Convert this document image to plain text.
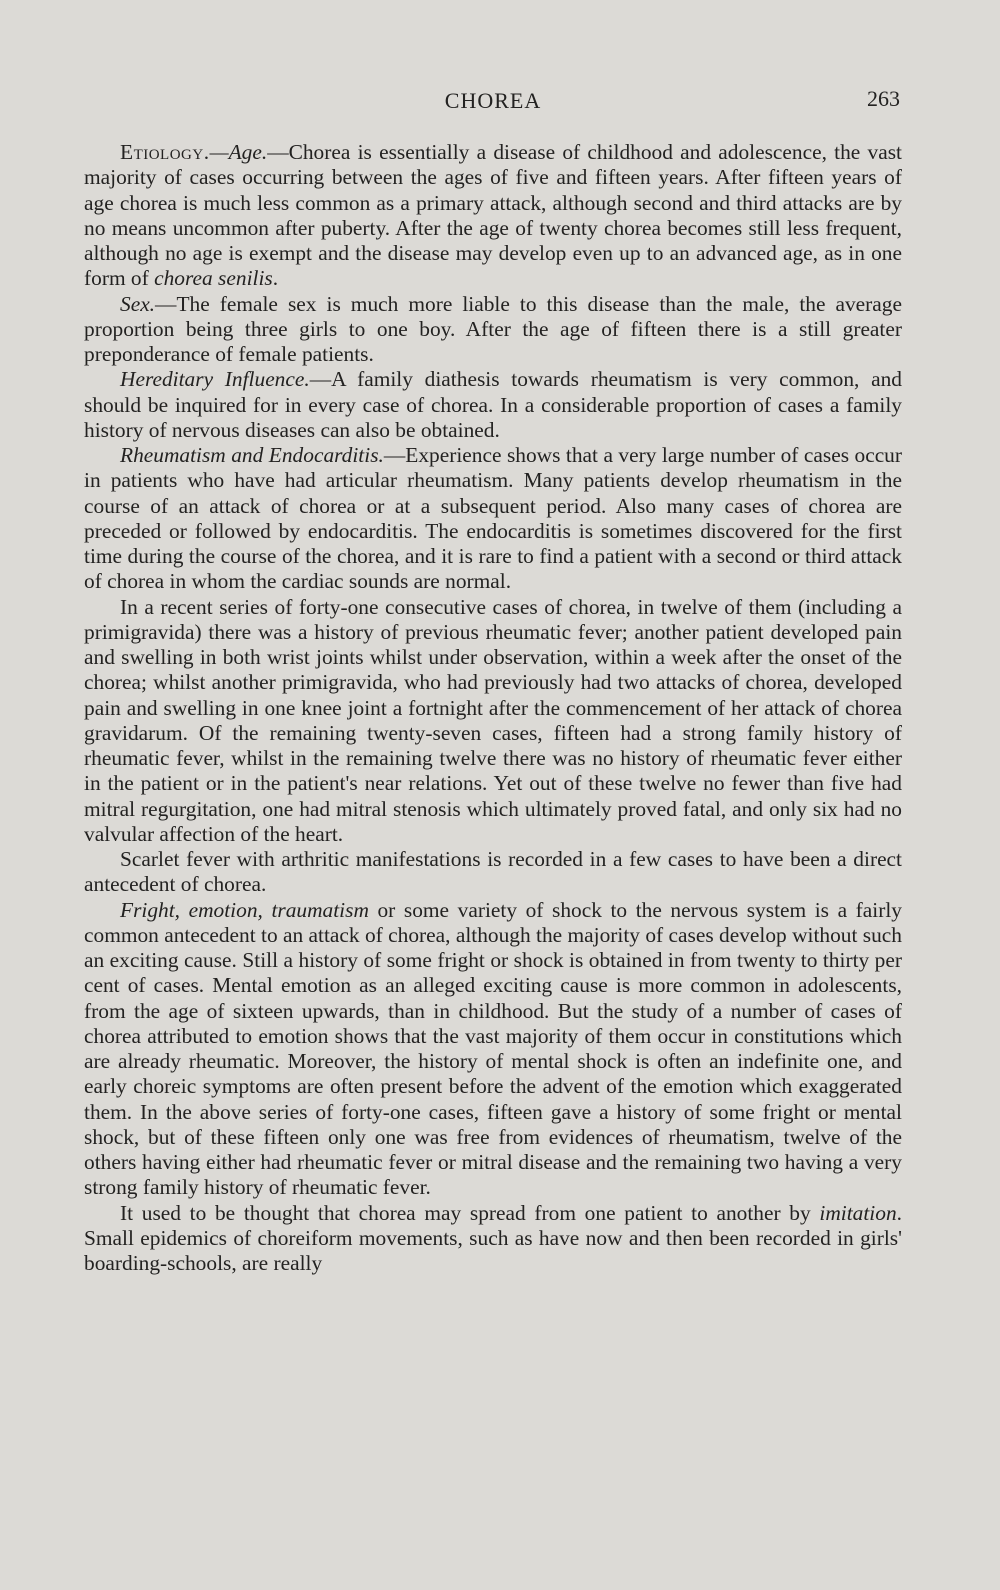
CHOREA	263

Etiology.—Age.—Chorea is essentially a disease of childhood and adolescence, the vast majority of cases occurring between the ages of five and fifteen years. After fifteen years of age chorea is much less common as a primary attack, although second and third attacks are by no means uncommon after puberty. After the age of twenty chorea becomes still less frequent, although no age is exempt and the disease may develop even up to an advanced age, as in one form of chorea senilis.

Sex.—The female sex is much more liable to this disease than the male, the average proportion being three girls to one boy. After the age of fifteen there is a still greater preponderance of female patients.

Hereditary Influence.—A family diathesis towards rheumatism is very common, and should be inquired for in every case of chorea. In a considerable proportion of cases a family history of nervous diseases can also be obtained.

Rheumatism and Endocarditis.—Experience shows that a very large number of cases occur in patients who have had articular rheumatism. Many patients develop rheumatism in the course of an attack of chorea or at a subsequent period. Also many cases of chorea are preceded or followed by endocarditis. The endocarditis is sometimes discovered for the first time during the course of the chorea, and it is rare to find a patient with a second or third attack of chorea in whom the cardiac sounds are normal.

In a recent series of forty-one consecutive cases of chorea, in twelve of them (including a primigravida) there was a history of previous rheumatic fever; another patient developed pain and swelling in both wrist joints whilst under observation, within a week after the onset of the chorea; whilst another primigravida, who had previously had two attacks of chorea, developed pain and swelling in one knee joint a fortnight after the commencement of her attack of chorea gravidarum. Of the remaining twenty-seven cases, fifteen had a strong family history of rheumatic fever, whilst in the remaining twelve there was no history of rheumatic fever either in the patient or in the patient's near relations. Yet out of these twelve no fewer than five had mitral regurgitation, one had mitral stenosis which ultimately proved fatal, and only six had no valvular affection of the heart.

Scarlet fever with arthritic manifestations is recorded in a few cases to have been a direct antecedent of chorea.

Fright, emotion, traumatism or some variety of shock to the nervous system is a fairly common antecedent to an attack of chorea, although the majority of cases develop without such an exciting cause. Still a history of some fright or shock is obtained in from twenty to thirty per cent of cases. Mental emotion as an alleged exciting cause is more common in adolescents, from the age of sixteen upwards, than in childhood. But the study of a number of cases of chorea attributed to emotion shows that the vast majority of them occur in constitutions which are already rheumatic. Moreover, the history of mental shock is often an indefinite one, and early choreic symptoms are often present before the advent of the emotion which exaggerated them. In the above series of forty-one cases, fifteen gave a history of some fright or mental shock, but of these fifteen only one was free from evidences of rheumatism, twelve of the others having either had rheumatic fever or mitral disease and the remaining two having a very strong family history of rheumatic fever.

It used to be thought that chorea may spread from one patient to another by imitation. Small epidemics of choreiform movements, such as have now and then been recorded in girls' boarding-schools, are really
